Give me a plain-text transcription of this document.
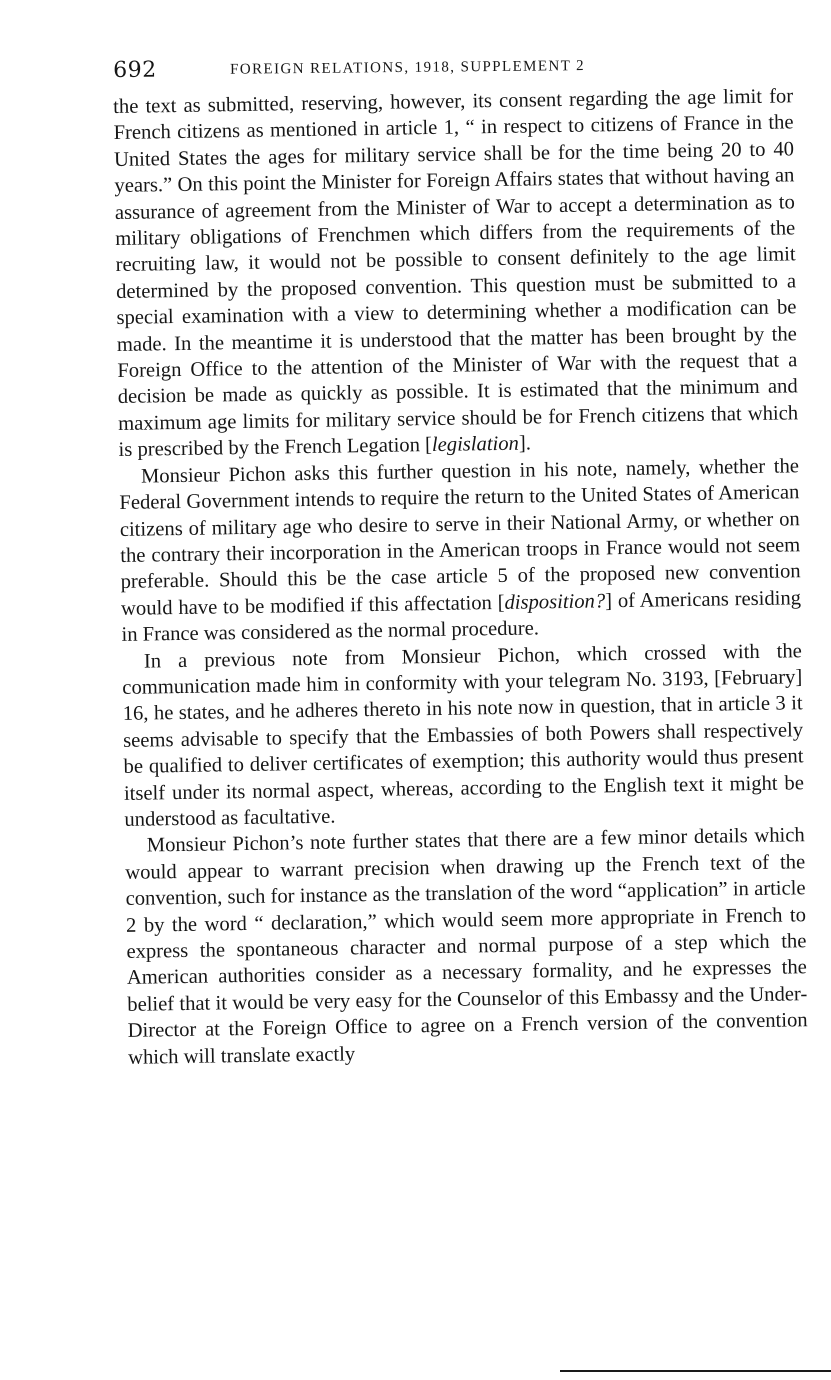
692	FOREIGN RELATIONS, 1918, SUPPLEMENT 2

the text as submitted, reserving, however, its consent regarding the age limit for French citizens as mentioned in article 1, “ in respect to citizens of France in the United States the ages for military service shall be for the time being 20 to 40 years.” On this point the Minister for Foreign Affairs states that without having an assurance of agreement from the Minister of War to accept a determination as to military obligations of Frenchmen which differs from the requirements of the recruiting law, it would not be possible to consent definitely to the age limit determined by the proposed convention. This question must be submitted to a special examination with a view to determining whether a modification can be made. In the meantime it is understood that the matter has been brought by the Foreign Office to the attention of the Minister of War with the request that a decision be made as quickly as possible. It is estimated that the minimum and maximum age limits for military service should be for French citizens that which is prescribed by the French Legation [legislation].

Monsieur Pichon asks this further question in his note, namely, whether the Federal Government intends to require the return to the United States of American citizens of military age who desire to serve in their National Army, or whether on the contrary their incorporation in the American troops in France would not seem preferable. Should this be the case article 5 of the proposed new convention would have to be modified if this affectation [disposition?] of Americans residing in France was considered as the normal procedure.

In a previous note from Monsieur Pichon, which crossed with the communication made him in conformity with your telegram No. 3193, [February] 16, he states, and he adheres thereto in his note now in question, that in article 3 it seems advisable to specify that the Embassies of both Powers shall respectively be qualified to deliver certificates of exemption; this authority would thus present itself under its normal aspect, whereas, according to the English text it might be understood as facultative.

Monsieur Pichon’s note further states that there are a few minor details which would appear to warrant precision when drawing up the French text of the convention, such for instance as the translation of the word “application” in article 2 by the word “ declaration,” which would seem more appropriate in French to express the spontaneous character and normal purpose of a step which the American authorities consider as a necessary formality, and he expresses the belief that it would be very easy for the Counselor of this Embassy and the Under-Director at the Foreign Office to agree on a French version of the convention which will translate exactly
